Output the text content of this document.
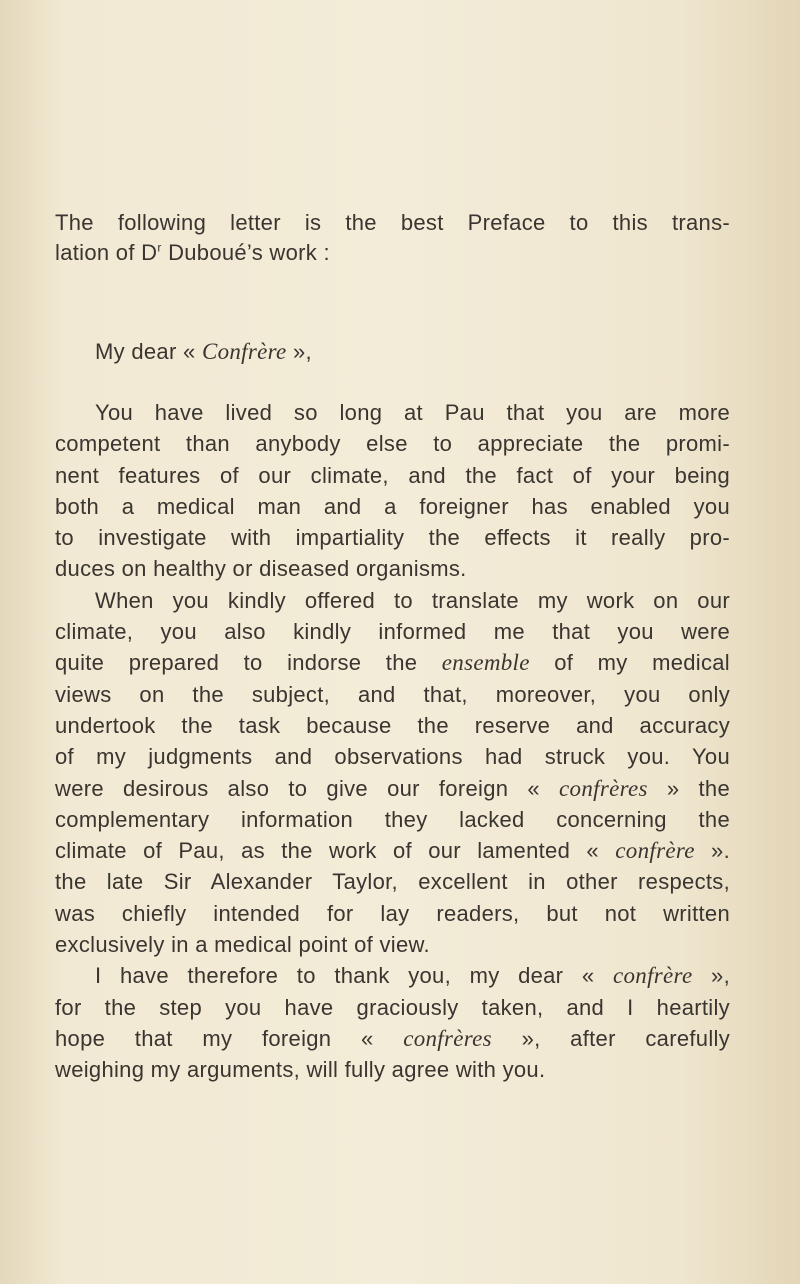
The following letter is the best Preface to this trans-
lation of $D^r$ Duboué’s work :
My dear « Confrère »,
You have lived so long at Pau that you are more
competent than anybody else to appreciate the promi-
nent features of our climate, and the fact of your being
both a medical man and a foreigner has enabled you
to investigate with impartiality the effects it really pro-
duces on healthy or diseased organisms.
When you kindly offered to translate my work on our
climate, you also kindly informed me that you were
quite prepared to indorse the ensemble of my medical
views on the subject, and that, moreover, you only
undertook the task because the reserve and accuracy
of my judgments and observations had struck you. You
were desirous also to give our foreign « confrères » the
complementary information they lacked concerning the
climate of Pau, as the work of our lamented « confrère ».
the late Sir Alexander Taylor, excellent in other respects,
was chiefly intended for lay readers, but not written
exclusively in a medical point of view.
I have therefore to thank you, my dear « confrère »,
for the step you have graciously taken, and I heartily
hope that my foreign « confrères », after carefully
weighing my arguments, will fully agree with you.
